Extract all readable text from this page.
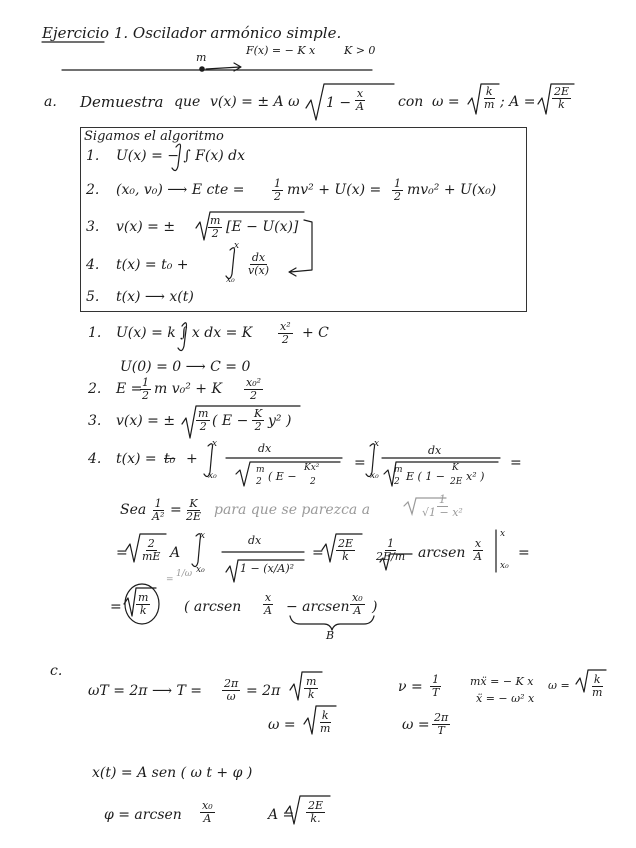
Ejercicio 1. Oscilador armónico simple.
m
F(x) = − K x	K > 0
a. Demuestra que v(x) = ± A ω $1 - \frac{x}{A}$ con $\omega = \frac{k}{m}$ ; $A = \frac{2E}{k}$
Sigamos el algoritmo
1. U(x) = − ∫ F(x) dx
2. (x₀, v₀) ⟶ E cte =	$\frac{1}{2} mv^2 + U(x) = \frac{1}{2} mv_0^2 + U(x_0)$
3. v(x) = ±	$\frac{m}{2} [E - U(x)]$
4. t(x) = t₀ +
x
x₀
$\frac{dx}{v(x)}$
5. t(x) ⟶ x(t)
1. U(x) = k ∫ x dx = K $\frac{\text{x²}}{2} + C$
U(0) = 0 ⟶ C = 0
2. E =
$\frac{1}{2}$ m v₀² + K $\frac{\text{x₀²}}{2}$
3. v(x) = ± $\frac{m}{2}$ ( $E - \frac{K}{2} y^2$ )
4. t(x) = t₀ +
x
x₀
dx
m
2 ( E −
Kx²
2
=
x
x₀
dx
m
2 E ( 1 −
K
2E x² )
=
Sea $\frac{1}{\text{A²}} = \frac{K}{2E}$ para que se parezca a	$\frac{1}{\text{√1 − x²}}$
= $\frac{2}{mE}$ A
x
x₀
dx
1 − (x/A)²
= $\frac{2E}{k} \frac{1}{2E/m}$ arcsen $\frac{x}{A}$
x
x₀
=
= $\frac{m}{k}$
=
1/ω
( arcsen $\frac{x}{A}$ − arcsen $\frac{\text{x₀}}{A}$ )
B
c.
ωT = 2π ⟶ $T = \frac{2\pi}{\omega} = 2\pi \frac{m}{k}$
$\omega = \frac{k}{m}$
$\nu = \frac{1}{T}$	mẍ = − K x
ẍ = − ω² x
$\omega = \frac{k}{m}$
$\omega = \frac{2\pi}{T}$
x(t) = A sen ( ω t + φ )
φ = arcsen $\frac{\text{x₀}}{A}$	$A = \frac{2E}{k.}$
